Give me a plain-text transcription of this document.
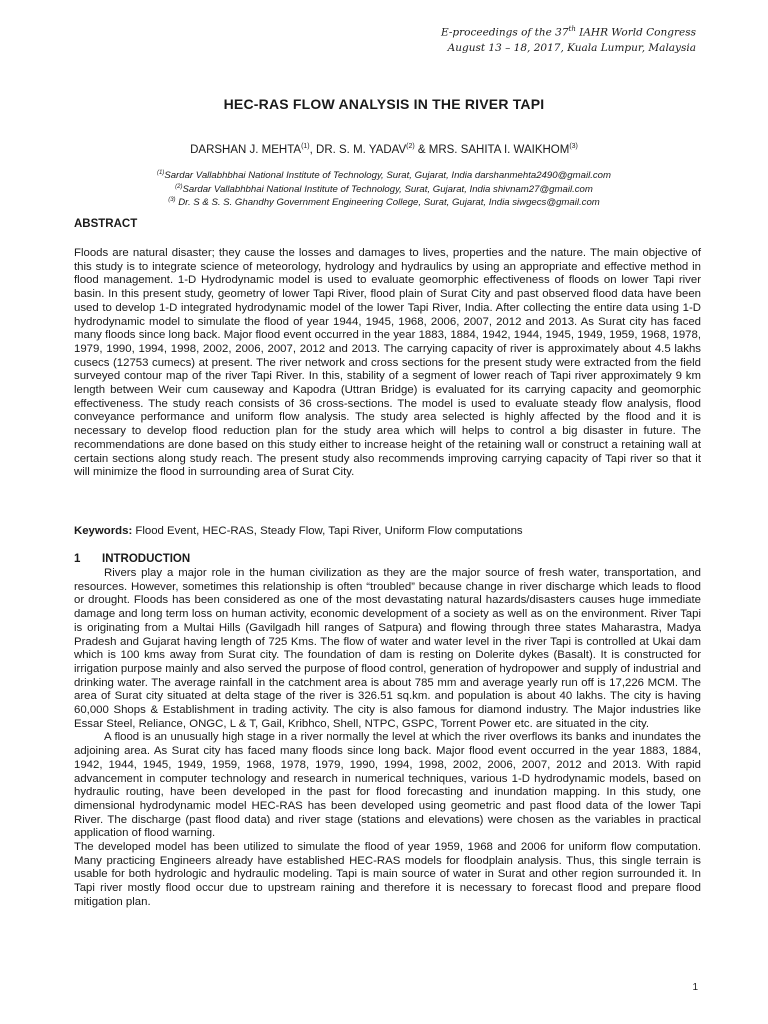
E-proceedings of the 37th IAHR World Congress
August 13 – 18, 2017, Kuala Lumpur, Malaysia
HEC-RAS FLOW ANALYSIS IN THE RIVER TAPI
DARSHAN J. MEHTA$^{(1)}$, DR. S. M. YADAV$^{(2)}$ & MRS. SAHITA I. WAIKHOM$^{(3)}$
$^{(1)}$Sardar Vallabhbhai National Institute of Technology, Surat, Gujarat, India darshanmehta2490@gmail.com
$^{(2)}$Sardar Vallabhbhai National Institute of Technology, Surat, Gujarat, India shivnam27@gmail.com
$^{(3)}$ Dr. S & S. S. Ghandhy Government Engineering College, Surat, Gujarat, India siwgecs@gmail.com
ABSTRACT
Floods are natural disaster; they cause the losses and damages to lives, properties and the nature. The main objective of this study is to integrate science of meteorology, hydrology and hydraulics by using an appropriate and effective method in flood management. 1-D Hydrodynamic model is used to evaluate geomorphic effectiveness of floods on lower Tapi river basin. In this present study, geometry of lower Tapi River, flood plain of Surat City and past observed flood data have been used to develop 1-D integrated hydrodynamic model of the lower Tapi River, India. After collecting the entire data using 1-D hydrodynamic model to simulate the flood of year 1944, 1945, 1968, 2006, 2007, 2012 and 2013. As Surat city has faced many floods since long back. Major flood event occurred in the year 1883, 1884, 1942, 1944, 1945, 1949, 1959, 1968, 1978, 1979, 1990, 1994, 1998, 2002, 2006, 2007, 2012 and 2013. The carrying capacity of river is approximately about 4.5 lakhs cusecs (12753 cumecs) at present. The river network and cross sections for the present study were extracted from the field surveyed contour map of the river Tapi River. In this, stability of a segment of lower reach of Tapi river approximately 9 km length between Weir cum causeway and Kapodra (Uttran Bridge) is evaluated for its carrying capacity and geomorphic effectiveness. The study reach consists of 36 cross-sections. The model is used to evaluate steady flow analysis, flood conveyance performance and uniform flow analysis. The study area selected is highly affected by the flood and it is necessary to develop flood reduction plan for the study area which will helps to control a big disaster in future. The recommendations are done based on this study either to increase height of the retaining wall or construct a retaining wall at certain sections along study reach. The present study also recommends improving carrying capacity of Tapi river so that it will minimize the flood in surrounding area of Surat City.
Keywords: Flood Event, HEC-RAS, Steady Flow, Tapi River, Uniform Flow computations
1 INTRODUCTION

Rivers play a major role in the human civilization as they are the major source of fresh water, transportation, and resources. However, sometimes this relationship is often “troubled” because change in river discharge which leads to flood or drought. Floods has been considered as one of the most devastating natural hazards/disasters causes huge immediate damage and long term loss on human activity, economic development of a society as well as on the environment. River Tapi is originating from a Multai Hills (Gavilgadh hill ranges of Satpura) and flowing through three states Maharastra, Madya Pradesh and Gujarat having length of 725 Kms. The flow of water and water level in the river Tapi is controlled at Ukai dam which is 100 kms away from Surat city. The foundation of dam is resting on Dolerite dykes (Basalt). It is constructed for irrigation purpose mainly and also served the purpose of flood control, generation of hydropower and supply of industrial and drinking water. The average rainfall in the catchment area is about 785 mm and average yearly run off is 17,226 MCM. The area of Surat city situated at delta stage of the river is 326.51 sq.km. and population is about 40 lakhs. The city is having 60,000 Shops & Establishment in trading activity. The city is also famous for diamond industry. The Major industries like Essar Steel, Reliance, ONGC, L & T, Gail, Kribhco, Shell, NTPC, GSPC, Torrent Power etc. are situated in the city.

A flood is an unusually high stage in a river normally the level at which the river overflows its banks and inundates the adjoining area. As Surat city has faced many floods since long back. Major flood event occurred in the year 1883, 1884, 1942, 1944, 1945, 1949, 1959, 1968, 1978, 1979, 1990, 1994, 1998, 2002, 2006, 2007, 2012 and 2013. With rapid advancement in computer technology and research in numerical techniques, various 1-D hydrodynamic models, based on hydraulic routing, have been developed in the past for flood forecasting and inundation mapping. In this study, one dimensional hydrodynamic model HEC-RAS has been developed using geometric and past flood data of the lower Tapi River. The discharge (past flood data) and river stage (stations and elevations) were chosen as the variables in practical application of flood warning.

The developed model has been utilized to simulate the flood of year 1959, 1968 and 2006 for uniform flow computation. Many practicing Engineers already have established HEC-RAS models for floodplain analysis. Thus, this single terrain is usable for both hydrologic and hydraulic modeling. Tapi is main source of water in Surat and other region surrounded it. In Tapi river mostly flood occur due to upstream raining and therefore it is necessary to forecast flood and prepare flood mitigation plan.

1
